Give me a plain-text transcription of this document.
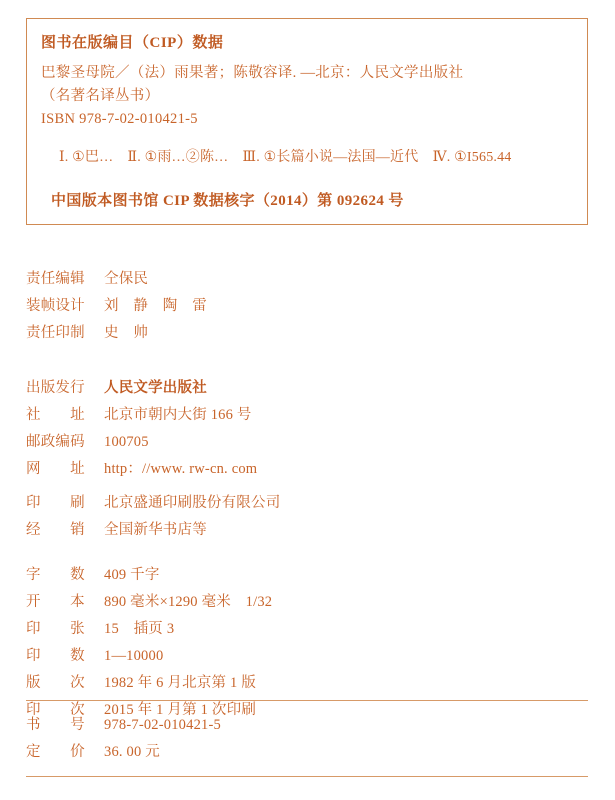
图书在版编目（CIP）数据
巴黎圣母院／（法）雨果著；陈敬容译. —北京：人民文学出版社
（名著名译丛书）
ISBN 978-7-02-010421-5
Ⅰ. ①巴…　Ⅱ. ①雨…②陈…　Ⅲ. ①长篇小说—法国—近代　Ⅳ. ①I565.44
中国版本图书馆 CIP 数据核字（2014）第 092624 号
责任编辑	仝保民
装帧设计	刘　静　陶　雷
责任印制	史　帅
出版发行	人民文学出版社
社　　址	北京市朝内大街 166 号
邮政编码	100705
网　　址	http：//www. rw-cn. com
印　　刷	北京盛通印刷股份有限公司
经　　销	全国新华书店等
字　　数	409 千字
开　　本	890 毫米×1290 毫米　1/32
印　　张	15　插页 3
印　　数	1—10000
版　　次	1982 年 6 月北京第 1 版
印　　次	2015 年 1 月第 1 次印刷
书　　号	978-7-02-010421-5
定　　价	36. 00 元
